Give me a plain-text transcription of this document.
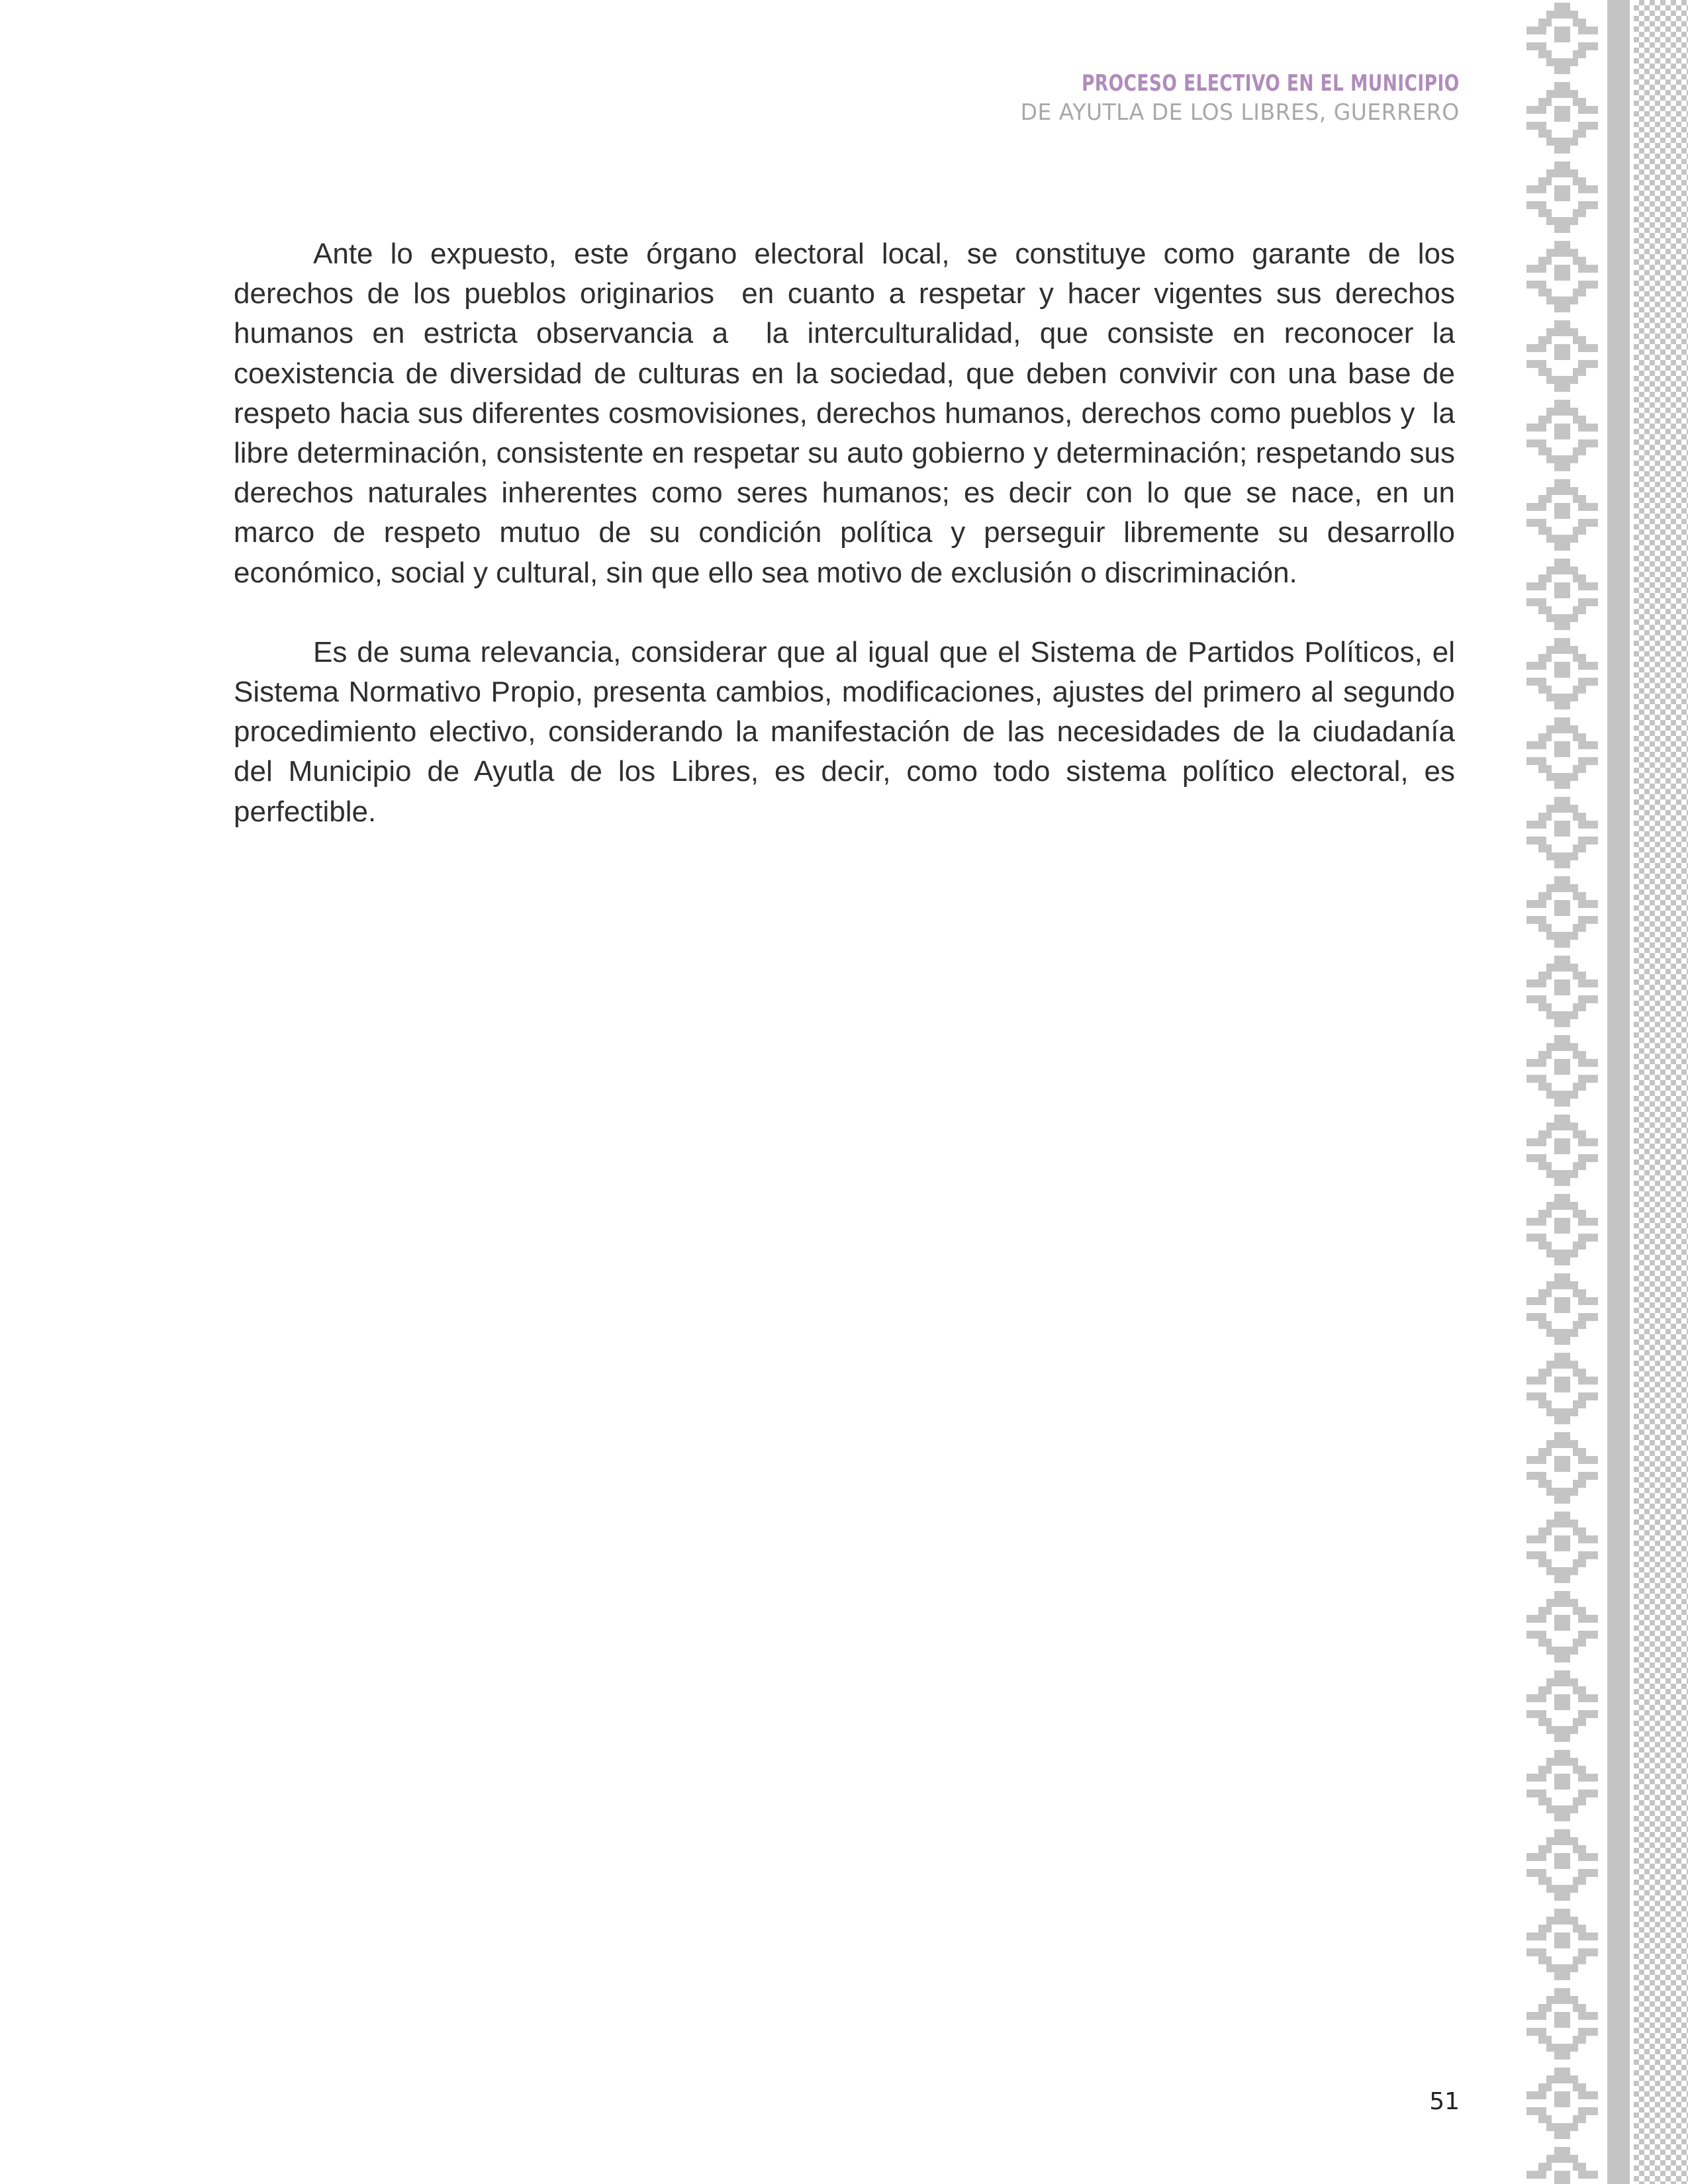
PROCESO ELECTIVO EN EL MUNICIPIO
DE AYUTLA DE LOS LIBRES, GUERRERO

Ante lo expuesto, este órgano electoral local, se constituye como garante de los derechos de los pueblos originarios  en cuanto a respetar y hacer vigentes sus derechos humanos en estricta observancia a  la interculturalidad, que consiste en reconocer la coexistencia de diversidad de culturas en la sociedad, que deben convivir con una base de respeto hacia sus diferentes cosmovisiones, derechos humanos, derechos como pueblos y  la libre determinación, consistente en respetar su auto gobierno y determinación; respetando sus derechos naturales inherentes como seres humanos; es decir con lo que se nace, en un marco de respeto mutuo de su condición política y perseguir libremente su desarrollo económico, social y cultural, sin que ello sea motivo de exclusión o discriminación.

Es de suma relevancia, considerar que al igual que el Sistema de Partidos Políticos, el Sistema Normativo Propio, presenta cambios, modificaciones, ajustes del primero al segundo procedimiento electivo, considerando la manifestación de las necesidades de la ciudadanía del Municipio de Ayutla de los Libres, es decir, como todo sistema político electoral, es perfectible.

51
